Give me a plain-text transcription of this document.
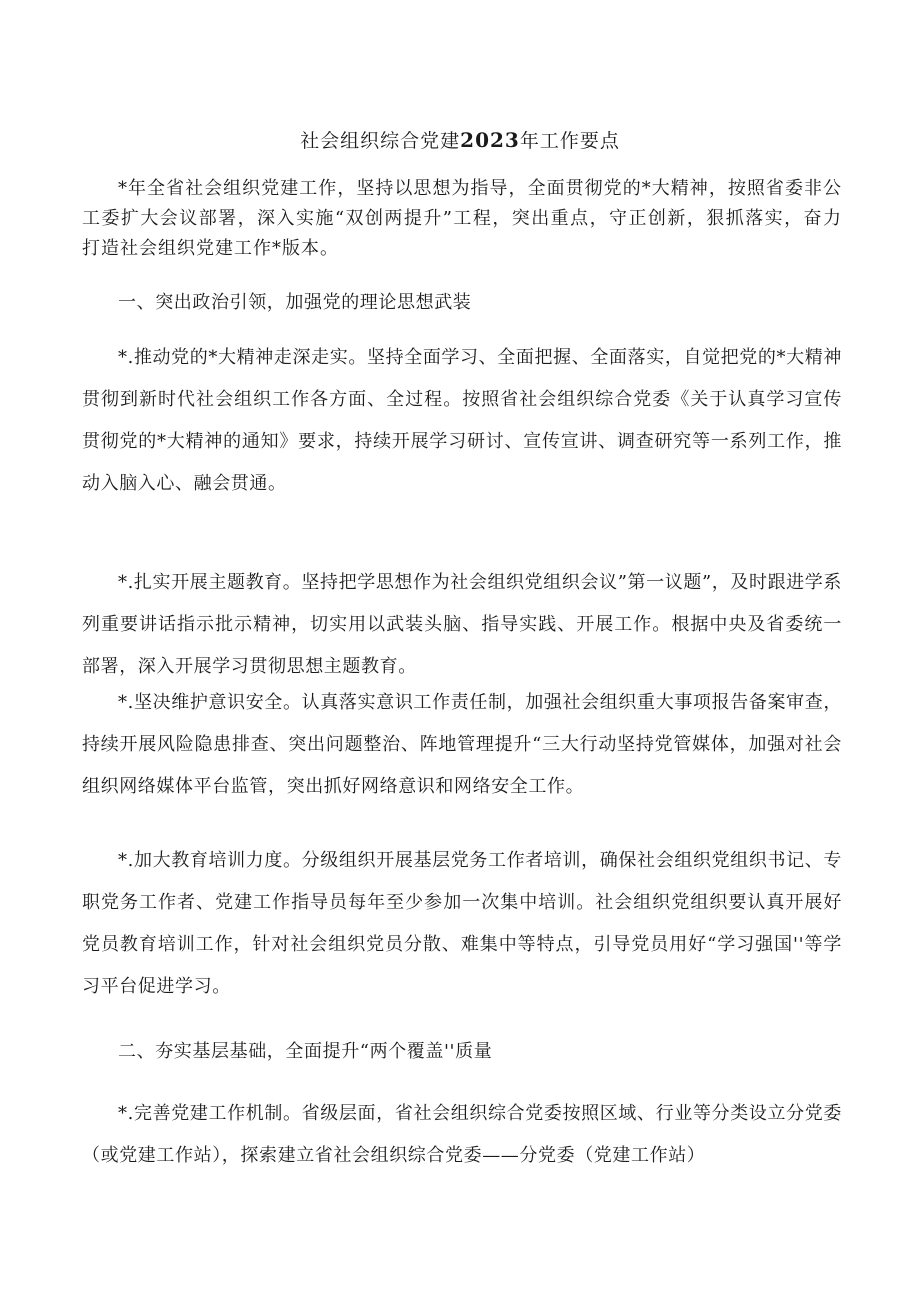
社会组织综合党建2023年工作要点

*年全省社会组织党建工作，坚持以思想为指导，全面贯彻党的*大精神，按照省委非公工委扩大会议部署，深入实施“双创两提升”工程，突出重点，守正创新，狠抓落实，奋力打造社会组织党建工作*版本。

一、突出政治引领，加强党的理论思想武装

*.推动党的*大精神走深走实。坚持全面学习、全面把握、全面落实，自觉把党的*大精神贯彻到新时代社会组织工作各方面、全过程。按照省社会组织综合党委《关于认真学习宣传贯彻党的*大精神的通知》要求，持续开展学习研讨、宣传宣讲、调查研究等一系列工作，推动入脑入心、融会贯通。

*.扎实开展主题教育。坚持把学思想作为社会组织党组织会议”第一议题”，及时跟进学系列重要讲话指示批示精神，切实用以武装头脑、指导实践、开展工作。根据中央及省委统一部署，深入开展学习贯彻思想主题教育。

*.坚决维护意识安全。认真落实意识工作责任制，加强社会组织重大事项报告备案审查，持续开展风险隐患排查、突出问题整治、阵地管理提升“三大行动坚持党管媒体，加强对社会组织网络媒体平台监管，突出抓好网络意识和网络安全工作。

*.加大教育培训力度。分级组织开展基层党务工作者培训，确保社会组织党组织书记、专职党务工作者、党建工作指导员每年至少参加一次集中培训。社会组织党组织要认真开展好党员教育培训工作，针对社会组织党员分散、难集中等特点，引导党员用好“学习强国''等学习平台促进学习。

二、夯实基层基础，全面提升“两个覆盖''质量

*.完善党建工作机制。省级层面，省社会组织综合党委按照区域、行业等分类设立分党委（或党建工作站），探索建立省社会组织综合党委——分党委（党建工作站）
